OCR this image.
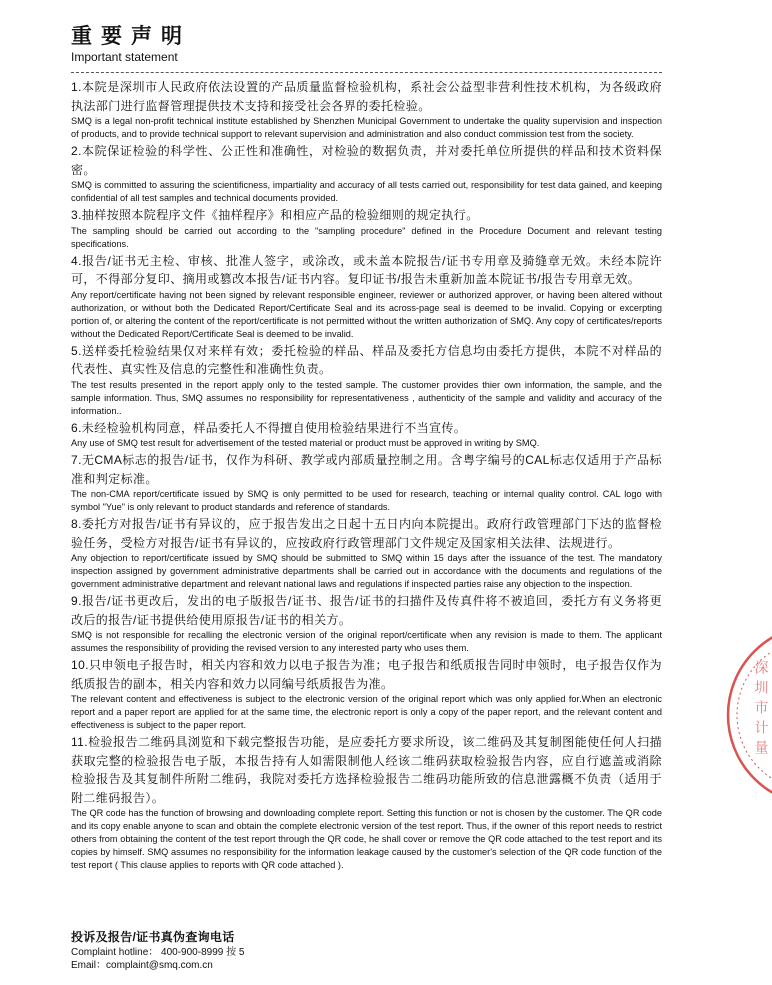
重要声明
Important statement

1.本院是深圳市人民政府依法设置的产品质量监督检验机构，系社会公益型非营利性技术机构，为各级政府执法部门进行监督管理提供技术支持和接受社会各界的委托检验。

SMQ is a legal non-profit technical institute established by Shenzhen Municipal Government to undertake the quality supervision and inspection of products, and to provide technical support to relevant supervision and administration and also conduct commission test from the society.

2.本院保证检验的科学性、公正性和准确性，对检验的数据负责，并对委托单位所提供的样品和技术资料保密。

SMQ is committed to assuring the scientificness, impartiality and accuracy of all tests carried out, responsibility for test data gained, and keeping confidential of all test samples and technical documents provided.

3.抽样按照本院程序文件《抽样程序》和相应产品的检验细则的规定执行。

The sampling should be carried out according to the "sampling procedure" defined in the Procedure Document and relevant testing specifications.

4.报告/证书无主检、审核、批准人签字，或涂改，或未盖本院报告/证书专用章及骑缝章无效。未经本院许可，不得部分复印、摘用或篡改本报告/证书内容。复印证书/报告未重新加盖本院证书/报告专用章无效。

Any report/certificate having not been signed by relevant responsible engineer, reviewer or authorized approver, or having been altered without authorization, or without both the Dedicated Report/Certificate Seal and its across-page seal is deemed to be invalid. Copying or excerpting portion of, or altering the content of the report/certificate is not permitted without the written authorization of SMQ. Any copy of certificates/reports without the Dedicated Report/Certificate Seal is deemed to be invalid.

5.送样委托检验结果仅对来样有效；委托检验的样品、样品及委托方信息均由委托方提供，本院不对样品的代表性、真实性及信息的完整性和准确性负责。

The test results presented in the report apply only to the tested sample. The customer provides thier own information, the sample, and the sample information. Thus, SMQ assumes no responsibility for representativeness , authenticity of the sample and validity and accuracy of the information..

6.未经检验机构同意，样品委托人不得擅自使用检验结果进行不当宣传。

Any use of SMQ test result for advertisement of the tested material or product must be approved in writing by SMQ.

7.无CMA标志的报告/证书，仅作为科研、教学或内部质量控制之用。含粤字编号的CAL标志仅适用于产品标准和判定标准。

The non-CMA report/certificate issued by SMQ is only permitted to be used for research, teaching or internal quality control. CAL logo with symbol "Yue" is only relevant to product standards and reference of standards.

8.委托方对报告/证书有异议的，应于报告发出之日起十五日内向本院提出。政府行政管理部门下达的监督检验任务，受检方对报告/证书有异议的，应按政府行政管理部门文件规定及国家相关法律、法规进行。

Any objection to report/certificate issued by SMQ should be submitted to SMQ within 15 days after the issuance of the test. The mandatory inspection assigned by government administrative departments shall be carried out in accordance with the documents and regulations of the government administrative department and relevant national laws and regulations if inspected parties raise any objection to the inspection.

9.报告/证书更改后，发出的电子版报告/证书、报告/证书的扫描件及传真件将不被追回，委托方有义务将更改后的报告/证书提供给使用原报告/证书的相关方。

SMQ is not responsible for recalling the electronic version of the original report/certificate when any revision is made to them. The applicant assumes the responsibility of providing the revised version to any interested party who uses them.

10.只申领电子报告时，相关内容和效力以电子报告为准；电子报告和纸质报告同时申领时，电子报告仅作为纸质报告的副本，相关内容和效力以同编号纸质报告为准。

The relevant content and effectiveness is subject to the electronic version of the original report which was only applied for.When an electronic report and a paper report are applied for at the same time, the electronic report is only a copy of the paper report, and the relevant content and effectiveness is subject to the paper report.

11.检验报告二维码具浏览和下载完整报告功能，是应委托方要求所设，该二维码及其复制图能使任何人扫描获取完整的检验报告电子版，本报告持有人如需限制他人经该二维码获取检验报告内容，应自行遮盖或消除检验报告及其复制件所附二维码，我院对委托方选择检验报告二维码功能所致的信息泄露概不负责（适用于附二维码报告）。

The QR code has the function of browsing and downloading complete report. Setting this function or not is chosen by the customer. The QR code and its copy enable anyone to scan and obtain the complete electronic version of the test report. Thus, if the owner of this report needs to restrict others from obtaining the content of the test report through the QR code, he shall cover or remove the QR code attached to the test report and its copies by himself. SMQ assumes no responsibility for the information leakage caused by the customer's selection of the QR code function of the test report ( This clause applies to reports with QR code attached ).

投诉及报告/证书真伪查询电话
Complaint hotline： 400-900-8999 按 5
Email：complaint@smq.com.cn
深圳市计量
